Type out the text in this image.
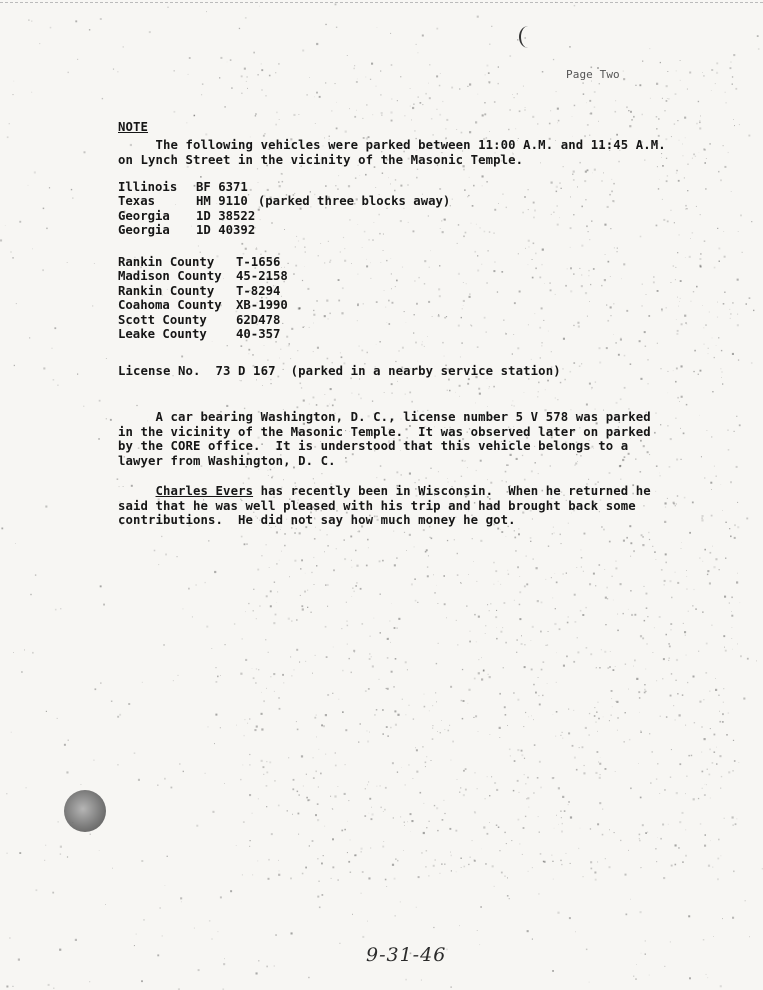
Page Two
NOTE
The following vehicles were parked between 11:00 A.M. and 11:45 A.M.
on Lynch Street in the vicinity of the Masonic Temple.
Illinois	BF 6371
Texas	HM 9110 (parked three blocks away)
Georgia	1D 38522
Georgia	1D 40392
Rankin County	T-1656
Madison County	45-2158
Rankin County	T-8294
Coahoma County	XB-1990
Scott County	62D478
Leake County	40-357
License No.  73 D 167  (parked in a nearby service station)
A car bearing Washington, D. C., license number 5 V 578 was parked
in the vicinity of the Masonic Temple.  It was observed later on parked
by the CORE office.  It is understood that this vehicle belongs to a
lawyer from Washington, D. C.
Charles Evers has recently been in Wisconsin.  When he returned he
said that he was well pleased with his trip and had brought back some
contributions.  He did not say how much money he got.
9-31-46
